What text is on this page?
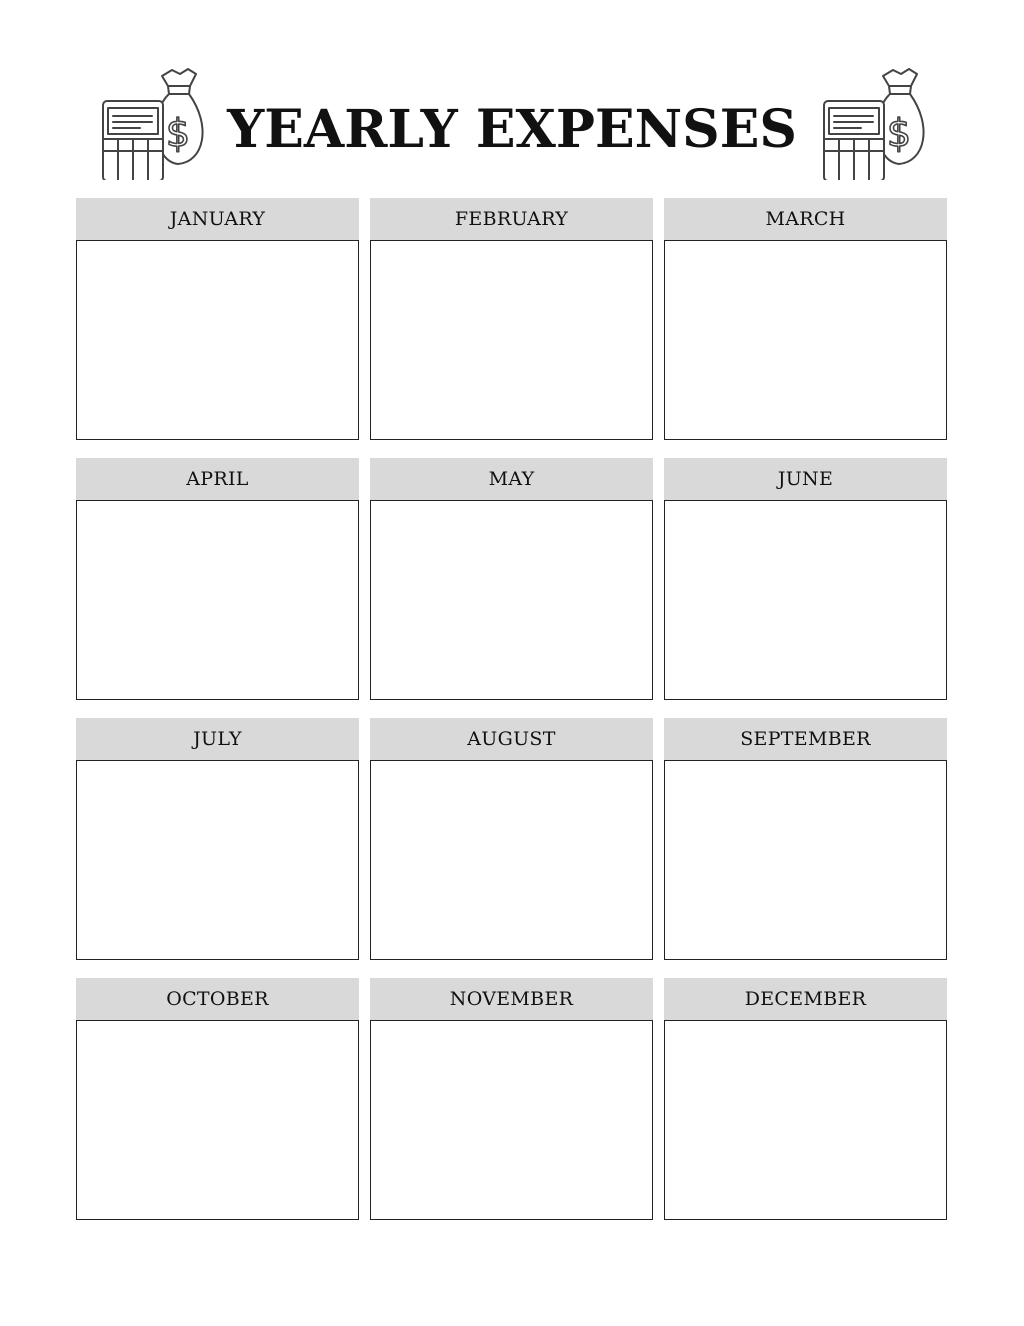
$ YEARLY EXPENSES	$
JANUARY	FEBRUARY	MARCH
APRIL	MAY	JUNE
JULY	AUGUST	SEPTEMBER
OCTOBER	NOVEMBER	DECEMBER
